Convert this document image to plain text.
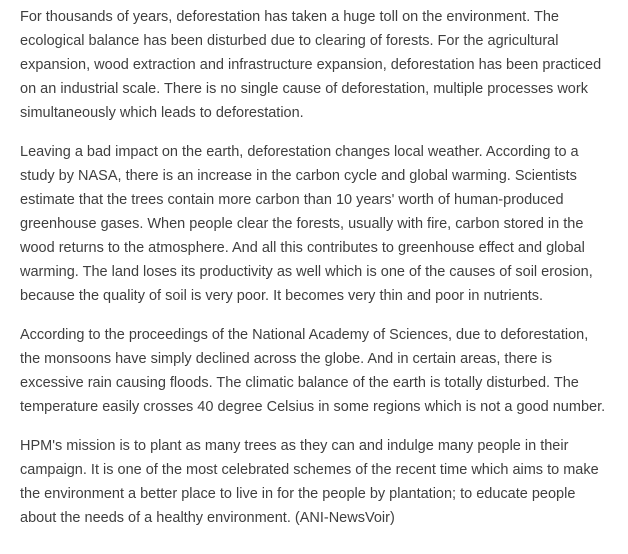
For thousands of years, deforestation has taken a huge toll on the environment. The ecological balance has been disturbed due to clearing of forests. For the agricultural expansion, wood extraction and infrastructure expansion, deforestation has been practiced on an industrial scale. There is no single cause of deforestation, multiple processes work simultaneously which leads to deforestation.

Leaving a bad impact on the earth, deforestation changes local weather. According to a study by NASA, there is an increase in the carbon cycle and global warming. Scientists estimate that the trees contain more carbon than 10 years' worth of human-produced greenhouse gases. When people clear the forests, usually with fire, carbon stored in the wood returns to the atmosphere. And all this contributes to greenhouse effect and global warming. The land loses its productivity as well which is one of the causes of soil erosion, because the quality of soil is very poor. It becomes very thin and poor in nutrients.

According to the proceedings of the National Academy of Sciences, due to deforestation, the monsoons have simply declined across the globe. And in certain areas, there is excessive rain causing floods. The climatic balance of the earth is totally disturbed. The temperature easily crosses 40 degree Celsius in some regions which is not a good number.

HPM's mission is to plant as many trees as they can and indulge many people in their campaign. It is one of the most celebrated schemes of the recent time which aims to make the environment a better place to live in for the people by plantation; to educate people about the needs of a healthy environment. (ANI-NewsVoir)
